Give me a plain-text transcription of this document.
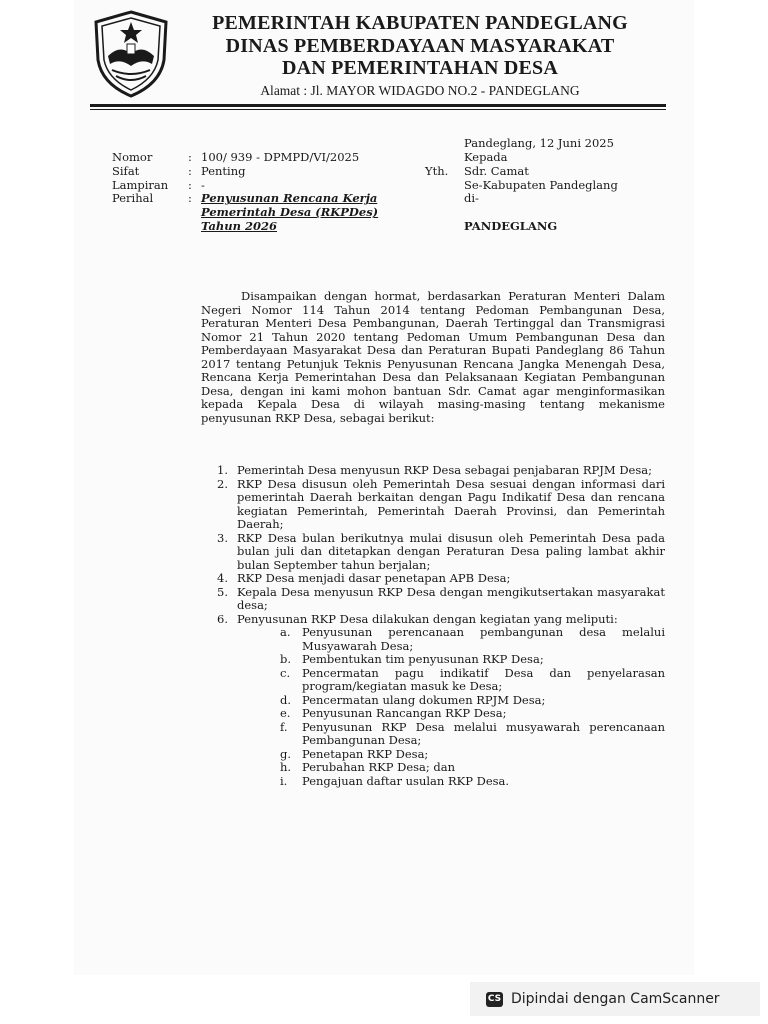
PEMERINTAH KABUPATEN PANDEGLANG
DINAS PEMBERDAYAAN MASYARAKAT
DAN PEMERINTAHAN DESA
Alamat : Jl. MAYOR WIDAGDO NO.2 - PANDEGLANG
Pandeglang, 12 Juni 2025
Nomor	: 100/ 939 - DPMPD/VI/2025
Sifat	: Penting
Lampiran : -
Perihal	: Penyusunan Rencana Kerja
Pemerintah Desa (RKPDes)
Tahun 2026
Kepada
Yth. Sdr. Camat
Se-Kabupaten Pandeglang
di-
PANDEGLANG
Disampaikan dengan hormat, berdasarkan Peraturan Menteri Dalam Negeri Nomor 114 Tahun 2014 tentang Pedoman Pembangunan Desa, Peraturan Menteri Desa Pembangunan, Daerah Tertinggal dan Transmigrasi Nomor 21 Tahun 2020 tentang Pedoman Umum Pembangunan Desa dan Pemberdayaan Masyarakat Desa dan Peraturan Bupati Pandeglang 86 Tahun 2017 tentang Petunjuk Teknis Penyusunan Rencana Jangka Menengah Desa, Rencana Kerja Pemerintahan Desa dan Pelaksanaan Kegiatan Pembangunan Desa, dengan ini kami mohon bantuan Sdr. Camat agar menginformasikan kepada Kepala Desa di wilayah masing-masing tentang mekanisme penyusunan RKP Desa, sebagai berikut:
1. Pemerintah Desa menyusun RKP Desa sebagai penjabaran RPJM Desa;
2. RKP Desa disusun oleh Pemerintah Desa sesuai dengan informasi dari pemerintah Daerah berkaitan dengan Pagu Indikatif Desa dan rencana kegiatan Pemerintah, Pemerintah Daerah Provinsi, dan Pemerintah Daerah;
3. RKP Desa bulan berikutnya mulai disusun oleh Pemerintah Desa pada bulan juli dan ditetapkan dengan Peraturan Desa paling lambat akhir bulan September tahun berjalan;
4. RKP Desa menjadi dasar penetapan APB Desa;
5. Kepala Desa menyusun RKP Desa dengan mengikutsertakan masyarakat desa;
6. Penyusunan RKP Desa dilakukan dengan kegiatan yang meliputi:
a. Penyusunan perencanaan pembangunan desa melalui Musyawarah Desa;
b. Pembentukan tim penyusunan RKP Desa;
c. Pencermatan pagu indikatif Desa dan penyelarasan program/kegiatan masuk ke Desa;
d. Pencermatan ulang dokumen RPJM Desa;
e. Penyusunan Rancangan RKP Desa;
f. Penyusunan RKP Desa melalui musyawarah perencanaan Pembangunan Desa;
g. Penetapan RKP Desa;
h. Perubahan RKP Desa; dan
i. Pengajuan daftar usulan RKP Desa.
CS Dipindai dengan CamScanner
